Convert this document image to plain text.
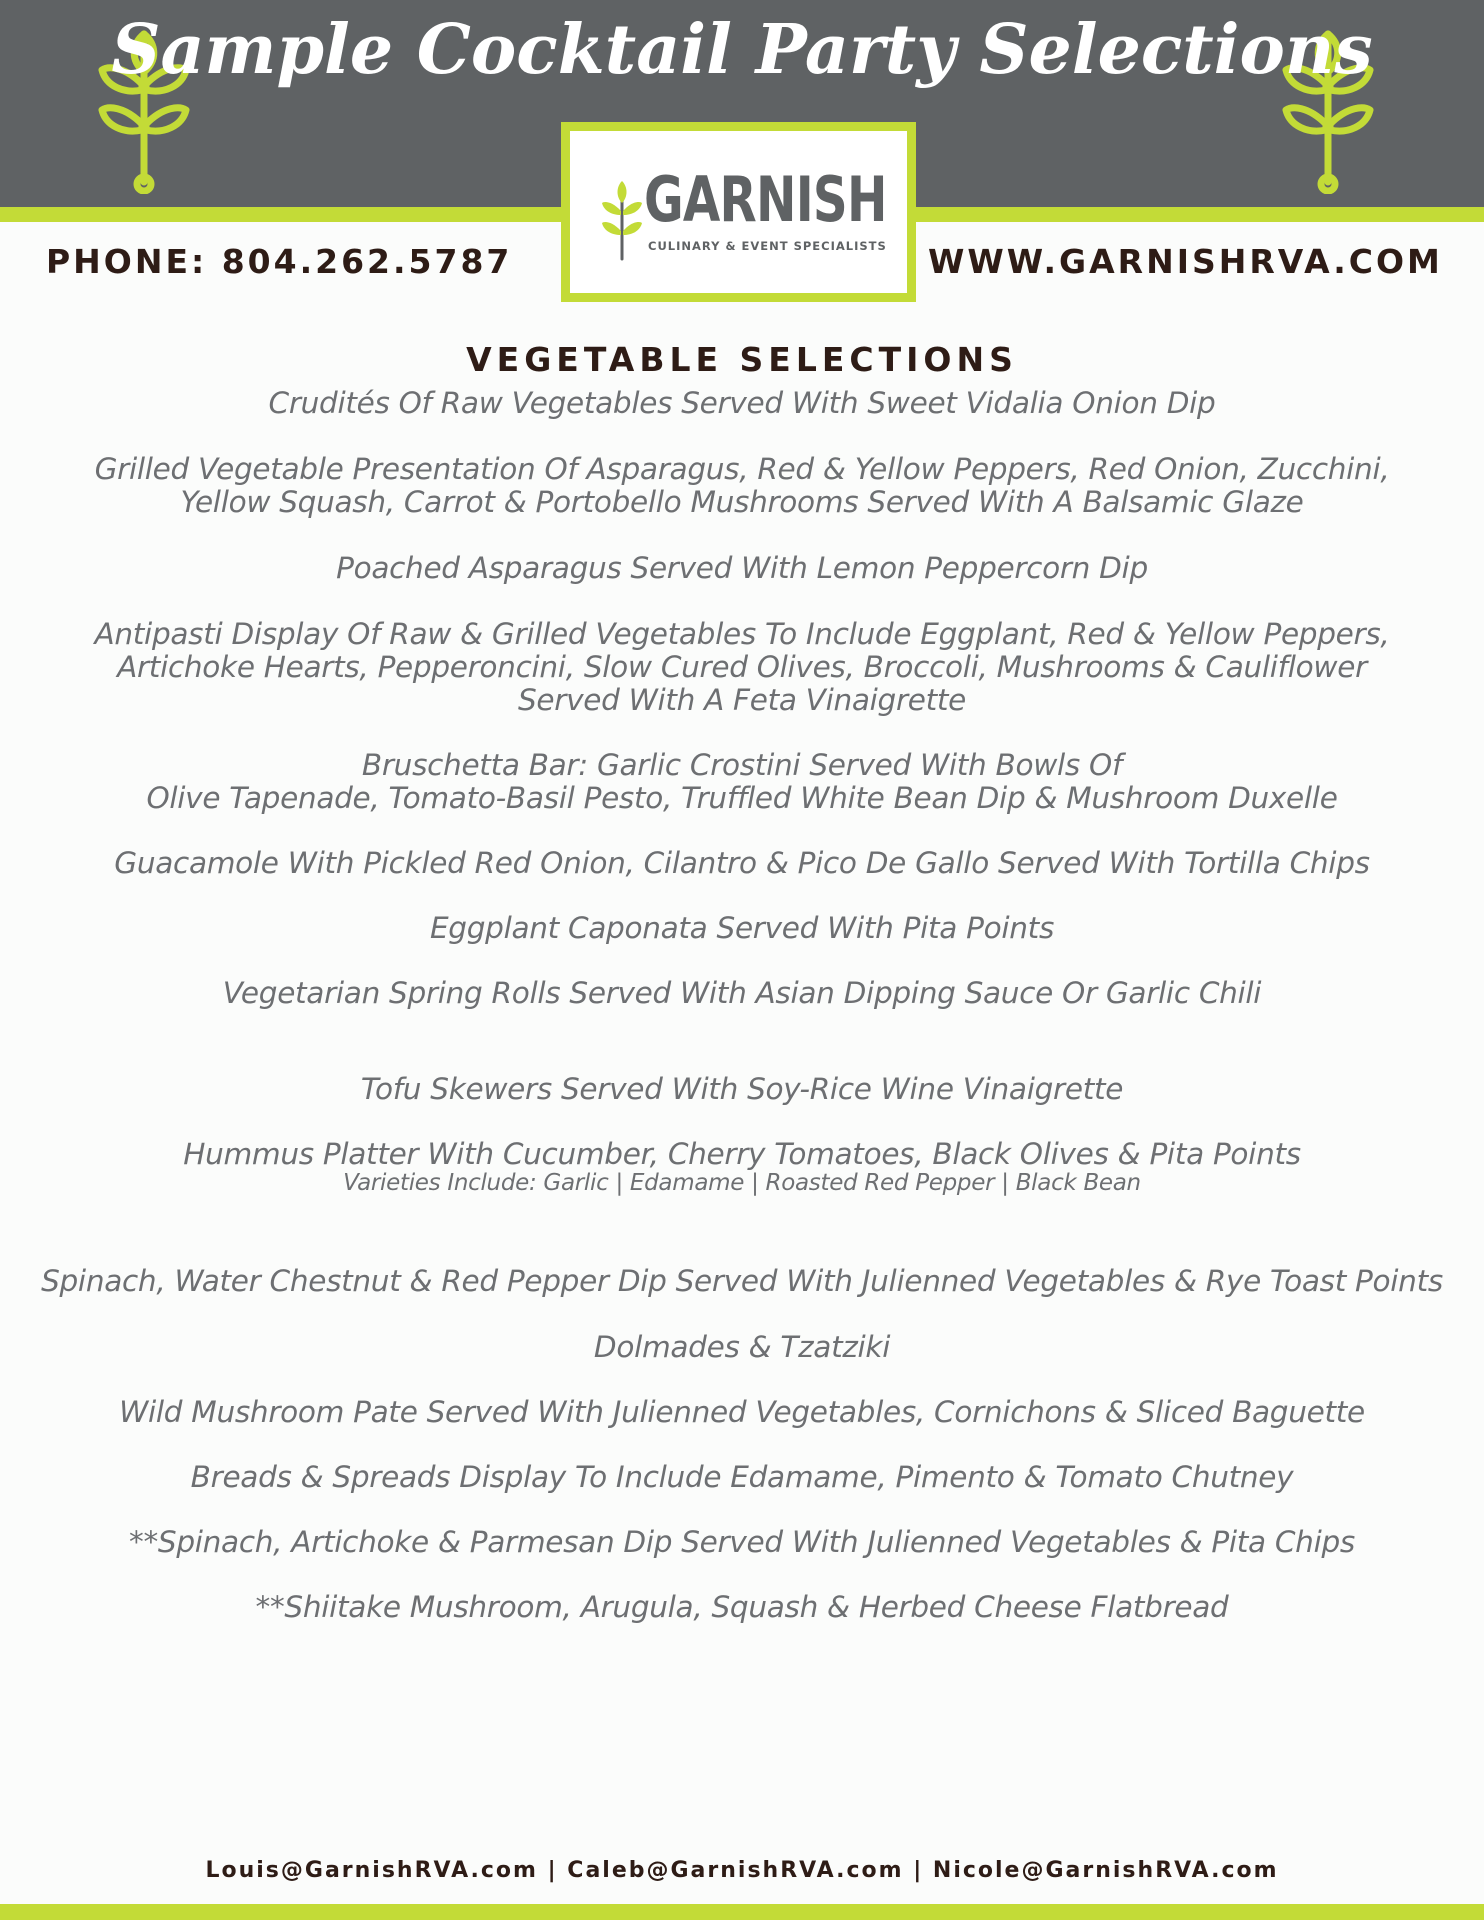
Sample Cocktail Party Selections
GARNISH
CULINARY & EVENT SPECIALISTS
PHONE: 804.262.5787	WWW.GARNISHRVA.COM
VEGETABLE SELECTIONS
Crudités Of Raw Vegetables Served With Sweet Vidalia Onion Dip
Grilled Vegetable Presentation Of Asparagus, Red & Yellow Peppers, Red Onion, Zucchini,
Yellow Squash, Carrot & Portobello Mushrooms Served With A Balsamic Glaze
Poached Asparagus Served With Lemon Peppercorn Dip
Antipasti Display Of Raw & Grilled Vegetables To Include Eggplant, Red & Yellow Peppers,
Artichoke Hearts, Pepperoncini, Slow Cured Olives, Broccoli, Mushrooms & Cauliflower
Served With A Feta Vinaigrette
Bruschetta Bar: Garlic Crostini Served With Bowls Of
Olive Tapenade, Tomato-Basil Pesto, Truffled White Bean Dip & Mushroom Duxelle
Guacamole With Pickled Red Onion, Cilantro & Pico De Gallo Served With Tortilla Chips
Eggplant Caponata Served With Pita Points
Vegetarian Spring Rolls Served With Asian Dipping Sauce Or Garlic Chili
Tofu Skewers Served With Soy-Rice Wine Vinaigrette
Hummus Platter With Cucumber, Cherry Tomatoes, Black Olives & Pita Points
Varieties Include: Garlic | Edamame | Roasted Red Pepper | Black Bean
Spinach, Water Chestnut & Red Pepper Dip Served With Julienned Vegetables & Rye Toast Points
Dolmades & Tzatziki
Wild Mushroom Pate Served With Julienned Vegetables, Cornichons & Sliced Baguette
Breads & Spreads Display To Include Edamame, Pimento & Tomato Chutney
**Spinach, Artichoke & Parmesan Dip Served With Julienned Vegetables & Pita Chips
**Shiitake Mushroom, Arugula, Squash & Herbed Cheese Flatbread
Louis@GarnishRVA.com | Caleb@GarnishRVA.com | Nicole@GarnishRVA.com
